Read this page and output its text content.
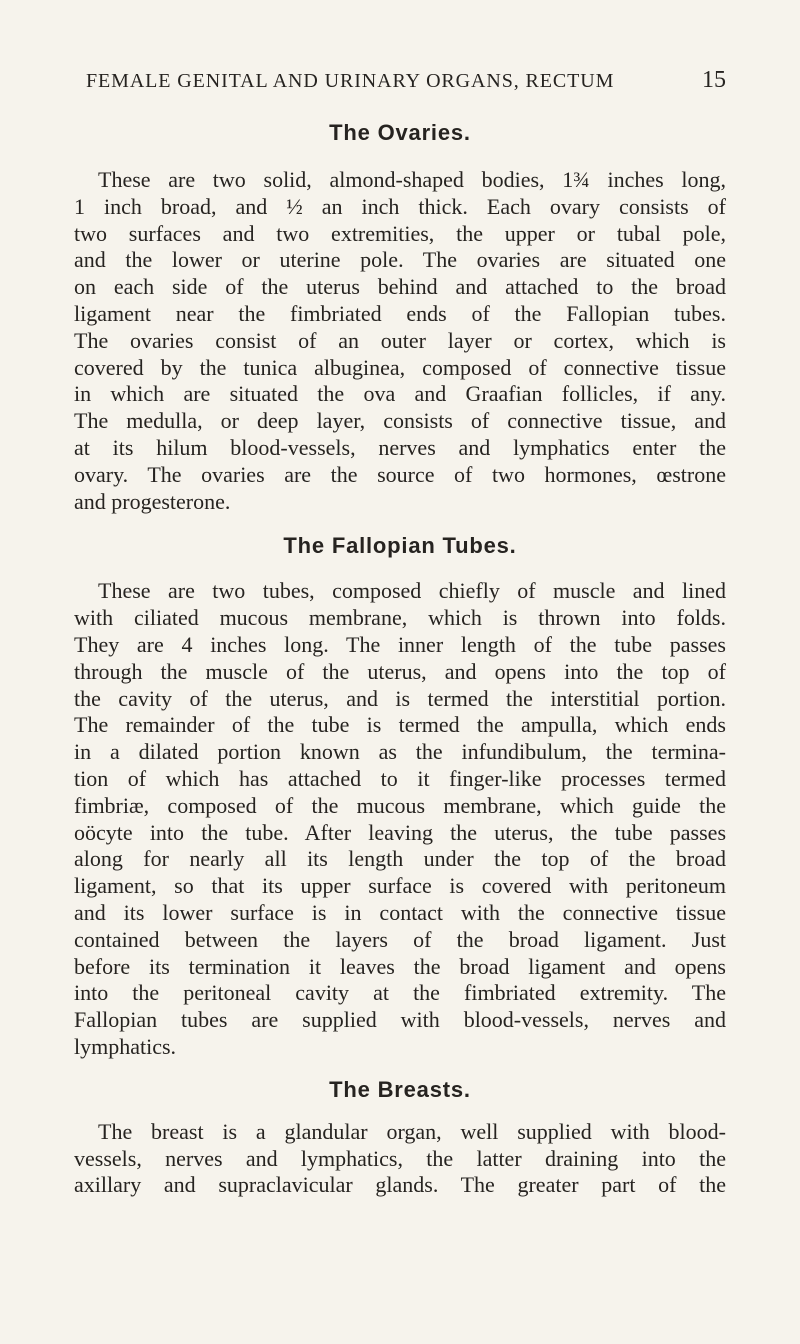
FEMALE GENITAL AND URINARY ORGANS, RECTUM	15
The Ovaries.
These are two solid, almond-shaped bodies, 1¾ inches long,
1 inch broad, and ½ an inch thick. Each ovary consists of
two surfaces and two extremities, the upper or tubal pole,
and the lower or uterine pole. The ovaries are situated one
on each side of the uterus behind and attached to the broad
ligament near the fimbriated ends of the Fallopian tubes.
The ovaries consist of an outer layer or cortex, which is
covered by the tunica albuginea, composed of connective tissue
in which are situated the ova and Graafian follicles, if any.
The medulla, or deep layer, consists of connective tissue, and
at its hilum blood-vessels, nerves and lymphatics enter the
ovary. The ovaries are the source of two hormones, œstrone
and progesterone.
The Fallopian Tubes.
These are two tubes, composed chiefly of muscle and lined
with ciliated mucous membrane, which is thrown into folds.
They are 4 inches long. The inner length of the tube passes
through the muscle of the uterus, and opens into the top of
the cavity of the uterus, and is termed the interstitial portion.
The remainder of the tube is termed the ampulla, which ends
in a dilated portion known as the infundibulum, the termina-
tion of which has attached to it finger-like processes termed
fimbriæ, composed of the mucous membrane, which guide the
oöcyte into the tube. After leaving the uterus, the tube passes
along for nearly all its length under the top of the broad
ligament, so that its upper surface is covered with peritoneum
and its lower surface is in contact with the connective tissue
contained between the layers of the broad ligament. Just
before its termination it leaves the broad ligament and opens
into the peritoneal cavity at the fimbriated extremity. The
Fallopian tubes are supplied with blood-vessels, nerves and
lymphatics.
The Breasts.
The breast is a glandular organ, well supplied with blood-
vessels, nerves and lymphatics, the latter draining into the
axillary and supraclavicular glands. The greater part of the
